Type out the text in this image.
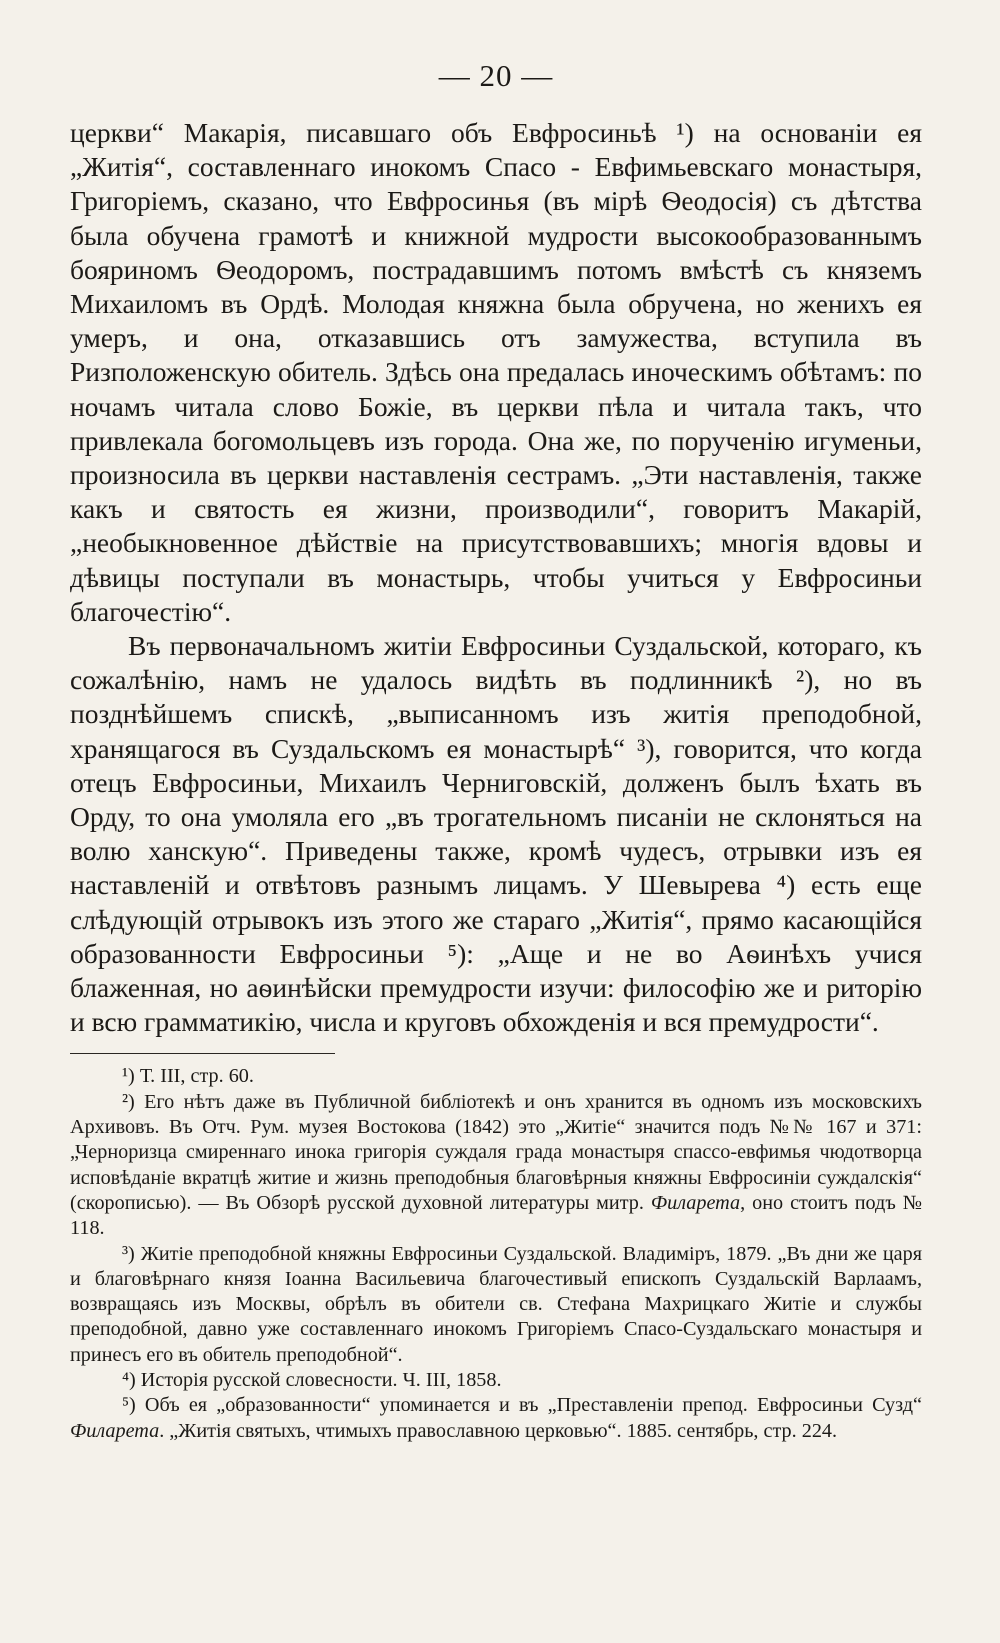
— 20 —

церкви“ Макарія, писавшаго объ Евфросиньѣ ¹) на основаніи ея „Житія“, составленнаго инокомъ Спасо - Евфимьевскаго монастыря, Григоріемъ, сказано, что Евфросинья (въ мірѣ Ѳеодосія) съ дѣтства была обучена грамотѣ и книжной мудрости высокообразованнымъ бояриномъ Ѳеодоромъ, пострадавшимъ потомъ вмѣстѣ съ княземъ Михаиломъ въ Ордѣ. Молодая княжна была обручена, но женихъ ея умеръ, и она, отказавшись отъ замужества, вступила въ Ризположенскую обитель. Здѣсь она предалась иноческимъ обѣтамъ: по ночамъ читала слово Божіе, въ церкви пѣла и читала такъ, что привлекала богомольцевъ изъ города. Она же, по порученію игуменьи, произносила въ церкви наставленія сестрамъ. „Эти наставленія, также какъ и святость ея жизни, производили“, говоритъ Макарій, „необыкновенное дѣйствіе на присутствовавшихъ; многія вдовы и дѣвицы поступали въ монастырь, чтобы учиться у Евфросиньи благочестію“.

Въ первоначальномъ житіи Евфросиньи Суздальской, котораго, къ сожалѣнію, намъ не удалось видѣть въ подлинникѣ ²), но въ позднѣйшемъ спискѣ, „выписанномъ изъ житія преподобной, хранящагося въ Суздальскомъ ея монастырѣ“ ³), говорится, что когда отецъ Евфросиньи, Михаилъ Черниговскій, долженъ былъ ѣхать въ Орду, то она умоляла его „въ трогательномъ писаніи не склоняться на волю ханскую“. Приведены также, кромѣ чудесъ, отрывки изъ ея наставленій и отвѣтовъ разнымъ лицамъ. У Шевырева ⁴) есть еще слѣдующій отрывокъ изъ этого же стараго „Житія“, прямо касающійся образованности Евфросиньи ⁵): „Аще и не во Аѳинѣхъ учися блаженная, но аѳинѣйски премудрости изучи: философію же и риторію и всю грамматикію, числа и круговъ обхожденія и вся премудрости“.

¹) Т. III, стр. 60.

²) Его нѣтъ даже въ Публичной библіотекѣ и онъ хранится въ одномъ изъ московскихъ Архивовъ. Въ Отч. Рум. музея Востокова (1842) это „Житіе“ значится подъ №№ 167 и 371: „Черноризца смиреннаго инока григорія суждаля града монастыря спассо-евфимья чюдотворца исповѣданіе вкратцѣ житие и жизнь преподобныя благовѣрныя княжны Евфросиніи суждалскія“ (скорописью). — Въ Обзорѣ русской духовной литературы митр. Филарета, оно стоитъ подъ № 118.

³) Житіе преподобной княжны Евфросиньи Суздальской. Владиміръ, 1879. „Въ дни же царя и благовѣрнаго князя Іоанна Васильевича благочестивый епископъ Суздальскій Варлаамъ, возвращаясь изъ Москвы, обрѣлъ въ обители св. Стефана Махрицкаго Житіе и службы преподобной, давно уже составленнаго инокомъ Григоріемъ Спасо-Суздальскаго монастыря и принесъ его въ обитель преподобной“.

⁴) Исторія русской словесности. Ч. III, 1858.

⁵) Объ ея „образованности“ упоминается и въ „Преставленіи препод. Евфросиньи Сузд“ Филарета. „Житія святыхъ, чтимыхъ православною церковью“. 1885. сентябрь, стр. 224.
